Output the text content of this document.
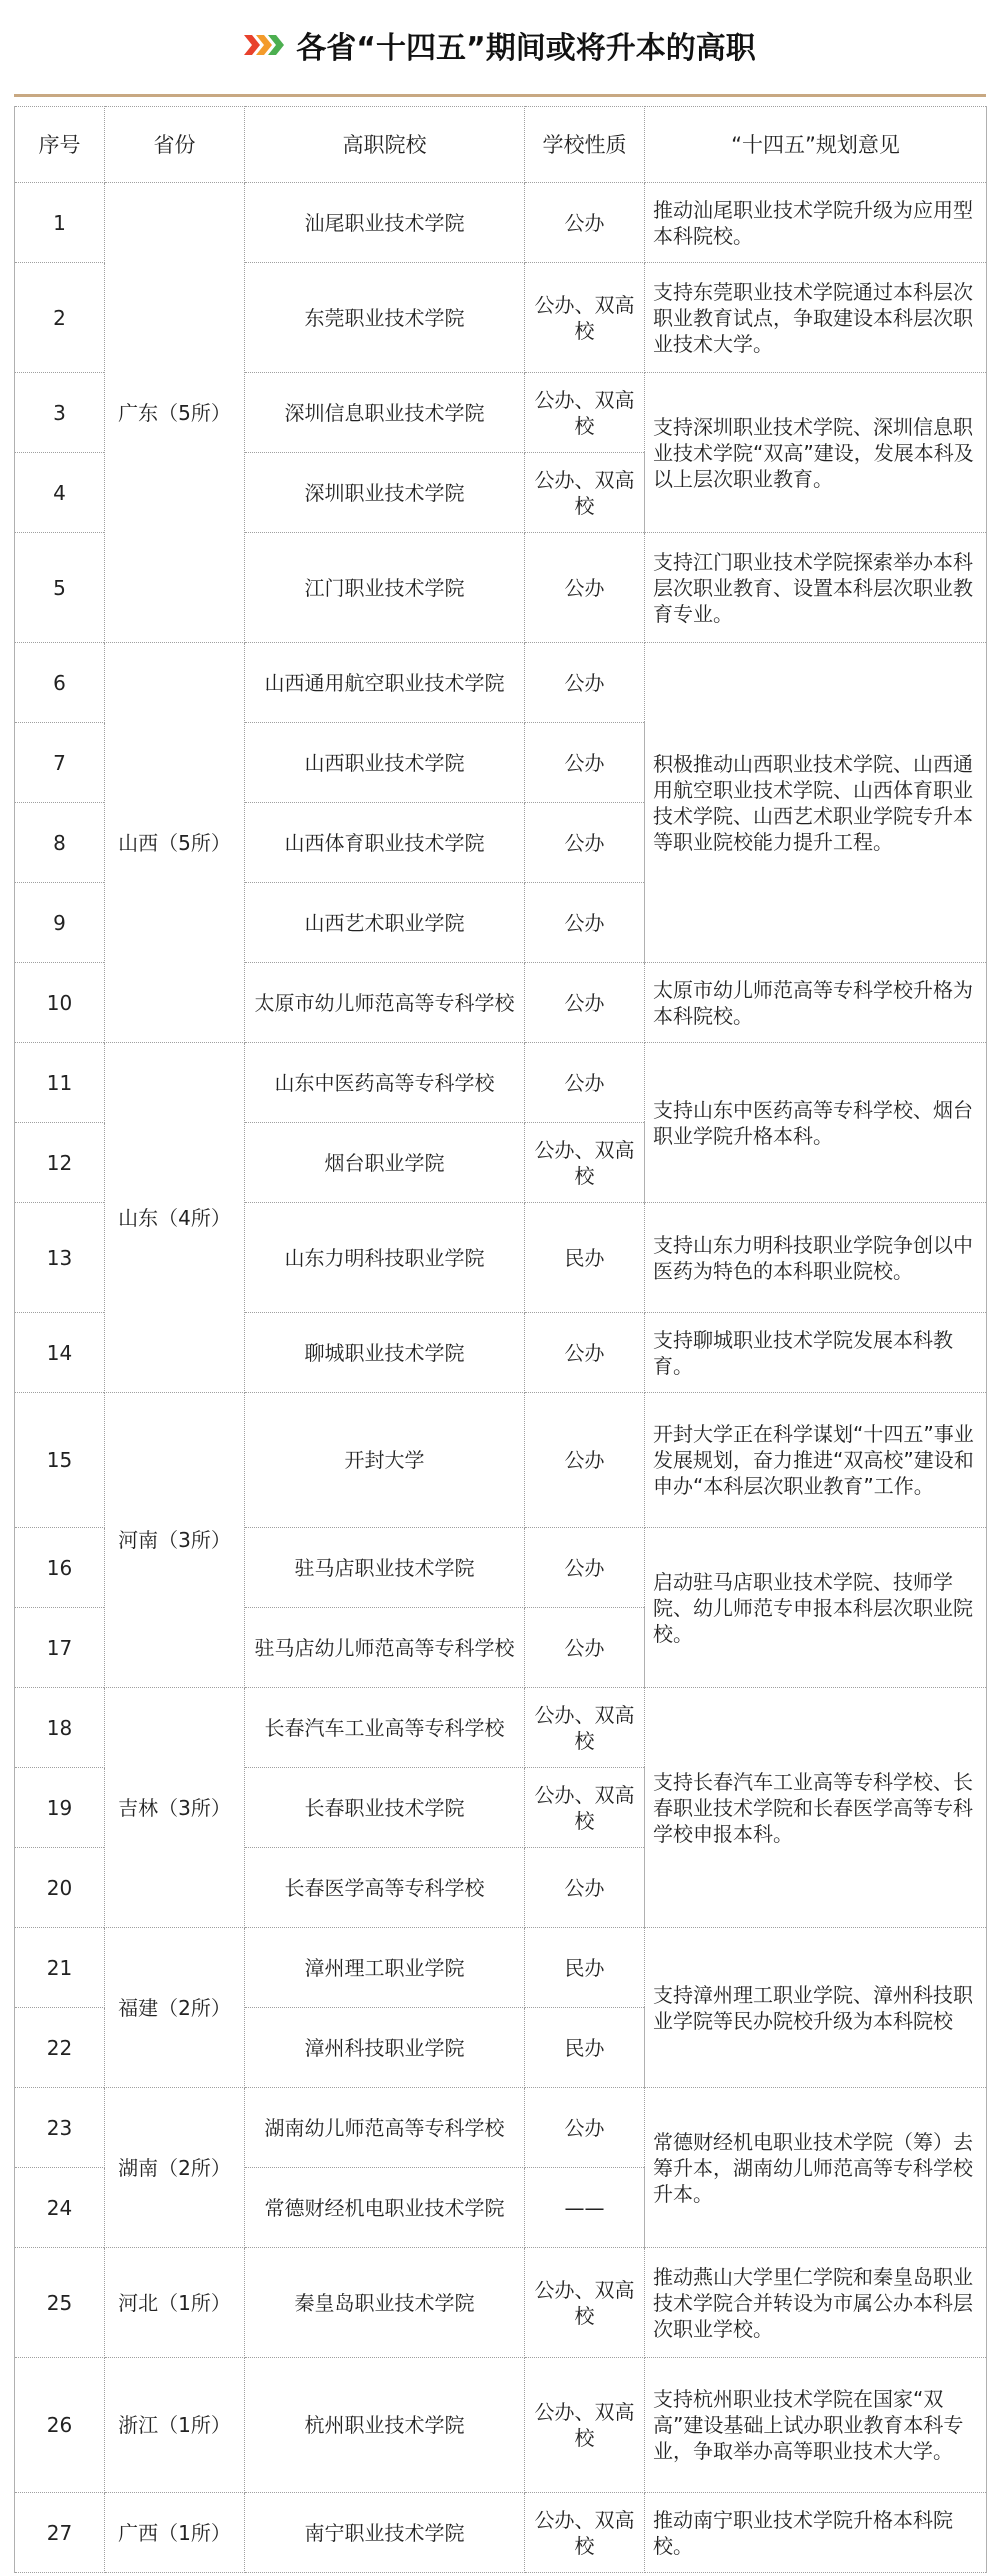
各省“十四五”期间或将升本的高职
序号	省份	高职院校	学校性质	“十四五”规划意见
1	广东（5所）	汕尾职业技术学院	公办	推动汕尾职业技术学院升级为应用型本科院校。
2		东莞职业技术学院	公办、双高校	支持东莞职业技术学院通过本科层次职业教育试点，争取建设本科层次职业技术大学。
3		深圳信息职业技术学院	公办、双高校	支持深圳职业技术学院、深圳信息职业技术学院“双高”建设，发展本科及以上层次职业教育。
4		深圳职业技术学院	公办、双高校	
5		江门职业技术学院	公办	支持江门职业技术学院探索举办本科层次职业教育、设置本科层次职业教育专业。
6	山西（5所）	山西通用航空职业技术学院	公办	积极推动山西职业技术学院、山西通用航空职业技术学院、山西体育职业技术学院、山西艺术职业学院专升本等职业院校能力提升工程。
7		山西职业技术学院	公办	
8		山西体育职业技术学院	公办	
9		山西艺术职业学院	公办	
10		太原市幼儿师范高等专科学校	公办	太原市幼儿师范高等专科学校升格为本科院校。
11	山东（4所）	山东中医药高等专科学校	公办	支持山东中医药高等专科学校、烟台职业学院升格本科。
12		烟台职业学院	公办、双高校	
13		山东力明科技职业学院	民办	支持山东力明科技职业学院争创以中医药为特色的本科职业院校。
14		聊城职业技术学院	公办	支持聊城职业技术学院发展本科教育。
15	河南（3所）	开封大学	公办	开封大学正在科学谋划“十四五”事业发展规划，奋力推进“双高校”建设和申办“本科层次职业教育”工作。
16		驻马店职业技术学院	公办	启动驻马店职业技术学院、技师学院、幼儿师范专申报本科层次职业院校。
17		驻马店幼儿师范高等专科学校	公办	
18	吉林（3所）	长春汽车工业高等专科学校	公办、双高校	支持长春汽车工业高等专科学校、长春职业技术学院和长春医学高等专科学校申报本科。
19		长春职业技术学院	公办、双高校	
20		长春医学高等专科学校	公办	
21	福建（2所）	漳州理工职业学院	民办	支持漳州理工职业学院、漳州科技职业学院等民办院校升级为本科院校
22		漳州科技职业学院	民办	
23	湖南（2所）	湖南幼儿师范高等专科学校	公办	常德财经机电职业技术学院（筹）去筹升本，湖南幼儿师范高等专科学校升本。
24		常德财经机电职业技术学院	——	
25	河北（1所）	秦皇岛职业技术学院	公办、双高校	推动燕山大学里仁学院和秦皇岛职业技术学院合并转设为市属公办本科层次职业学校。
26	浙江（1所）	杭州职业技术学院	公办、双高校	支持杭州职业技术学院在国家“双高”建设基础上试办职业教育本科专业，争取举办高等职业技术大学。
27	广西（1所）	南宁职业技术学院	公办、双高校	推动南宁职业技术学院升格本科院校。
